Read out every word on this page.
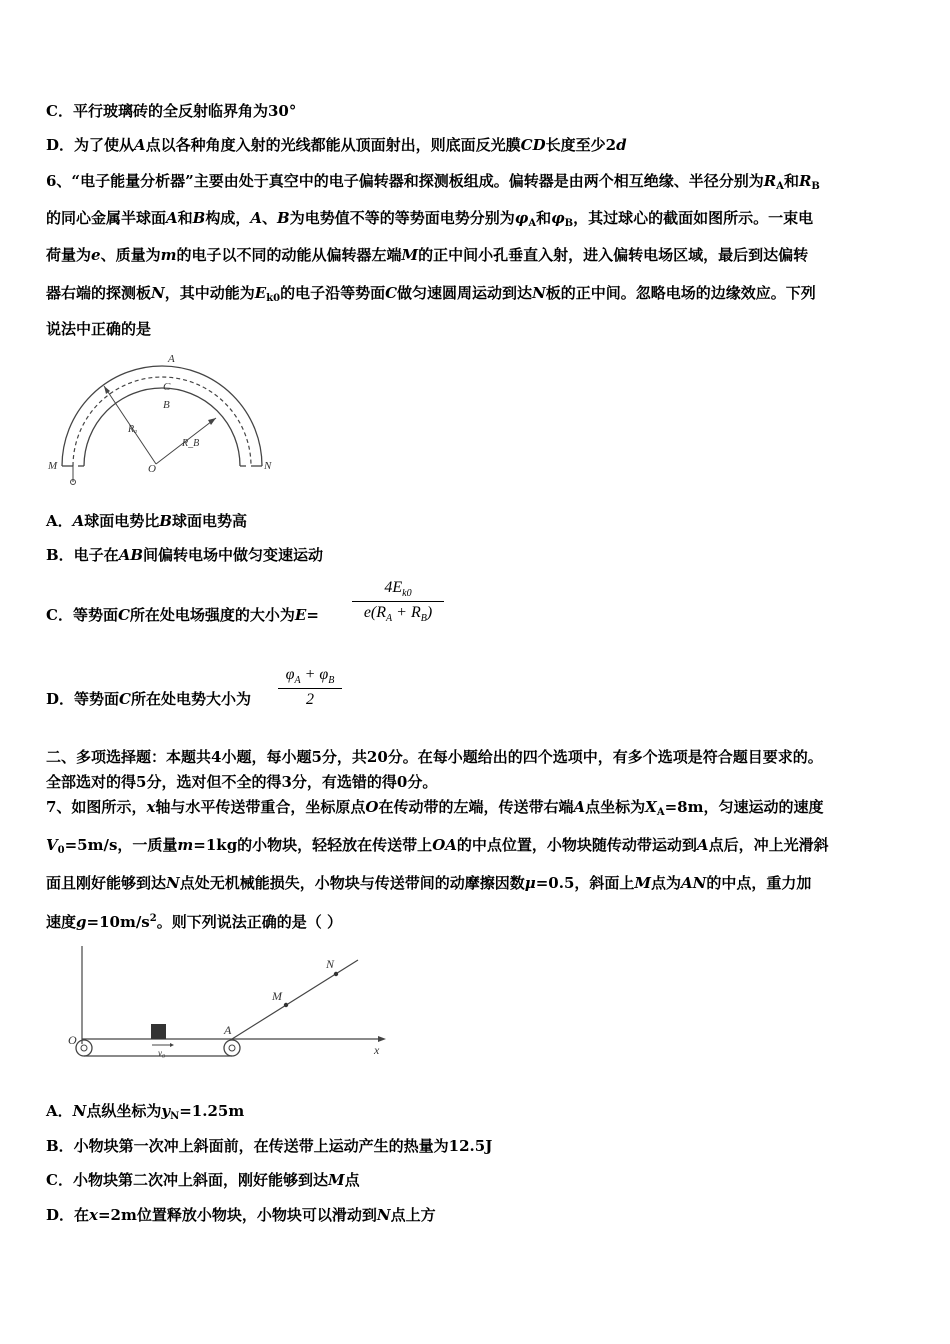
C．平行玻璃砖的全反射临界角为30°
D．为了使从A点以各种角度入射的光线都能从顶面射出，则底面反光膜CD长度至少2d
6、“电子能量分析器”主要由处于真空中的电子偏转器和探测板组成。偏转器是由两个相互绝缘、半径分别为$R_A$和$R_B$
的同心金属半球面A和B构成，A、B为电势值不等的等势面电势分别为$\varphi_A$和$\varphi_B$，其过球心的截面如图所示。一束电
荷量为e、质量为m的电子以不同的动能从偏转器左端M的正中间小孔垂直入射，进入偏转电场区域，最后到达偏转
器右端的探测板N，其中动能为$E_{k0}$的电子沿等势面C做匀速圆周运动到达N板的正中间。忽略电场的边缘效应。下列
说法中正确的是
A
C
B
Rₐ
R_B
O
M	N
A．A球面电势比B球面电势高
B．电子在AB间偏转电场中做匀变速运动
C．等势面C所在处电场强度的大小为E=
$4E_{k0}$
$e(R_A + R_B)$
D．等势面C所在处电势大小为
$\varphi_A + \varphi_B$
2
二、多项选择题：本题共4小题，每小题5分，共20分。在每小题给出的四个选项中，有多个选项是符合题目要求的。
全部选对的得5分，选对但不全的得3分，有选错的得0分。
7、如图所示，x轴与水平传送带重合，坐标原点O在传动带的左端，传送带右端A点坐标为$X_A=8m$，匀速运动的速度
$V_0=5m/s$，一质量m=1kg的小物块，轻轻放在传送带上OA的中点位置，小物块随传动带运动到A点后，冲上光滑斜
面且刚好能够到达N点处无机械能损失，小物块与传送带间的动摩擦因数μ=0.5，斜面上M点为AN的中点，重力加
速度$g=10m/s^2$。则下列说法正确的是（ ）
O
v₀
A
M
N
x
A．N点纵坐标为$y_N=1.25m$
B．小物块第一次冲上斜面前，在传送带上运动产生的热量为12.5J
C．小物块第二次冲上斜面，刚好能够到达M点
D．在x=2m位置释放小物块，小物块可以滑动到N点上方
